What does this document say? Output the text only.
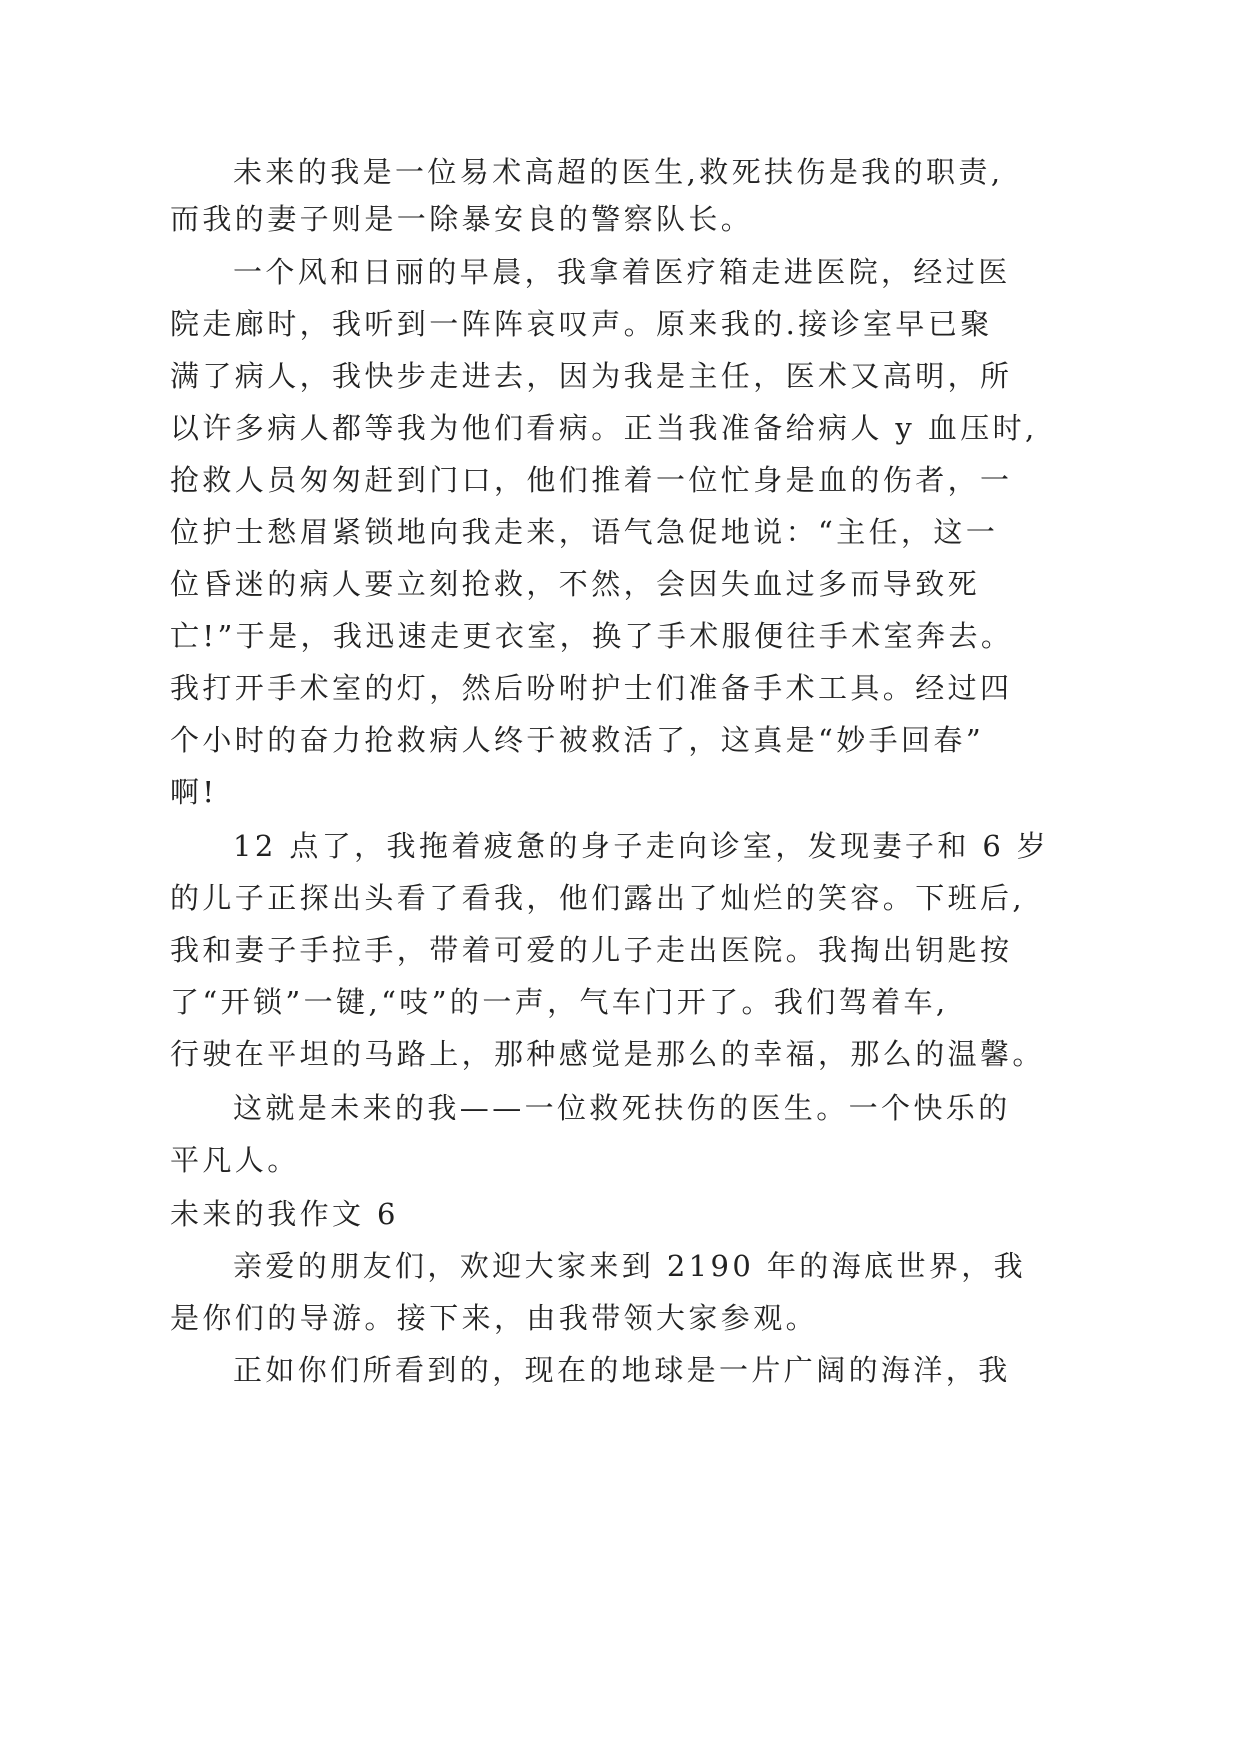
未来的我是一位易术高超的医生,救死扶伤是我的职责,
而我的妻子则是一除暴安良的警察队长。
一个风和日丽的早晨，我拿着医疗箱走进医院，经过医
院走廊时，我听到一阵阵哀叹声。原来我的.接诊室早已聚
满了病人，我快步走进去，因为我是主任，医术又高明，所
以许多病人都等我为他们看病。正当我准备给病人 y 血压时,
抢救人员匆匆赶到门口，他们推着一位忙身是血的伤者，一
位护士愁眉紧锁地向我走来，语气急促地说：“主任，这一
位昏迷的病人要立刻抢救，不然，会因失血过多而导致死
亡!”于是，我迅速走更衣室，换了手术服便往手术室奔去。
我打开手术室的灯，然后吩咐护士们准备手术工具。经过四
个小时的奋力抢救病人终于被救活了，这真是“妙手回春”
啊!
12 点了，我拖着疲惫的身子走向诊室，发现妻子和 6 岁
的儿子正探出头看了看我，他们露出了灿烂的笑容。下班后,
我和妻子手拉手，带着可爱的儿子走出医院。我掏出钥匙按
了“开锁”一键,“吱”的一声，气车门开了。我们驾着车,
行驶在平坦的马路上，那种感觉是那么的幸福，那么的温馨。
这就是未来的我——一位救死扶伤的医生。一个快乐的
平凡人。
未来的我作文 6
亲爱的朋友们，欢迎大家来到 2190 年的海底世界，我
是你们的导游。接下来，由我带领大家参观。
正如你们所看到的，现在的地球是一片广阔的海洋，我
